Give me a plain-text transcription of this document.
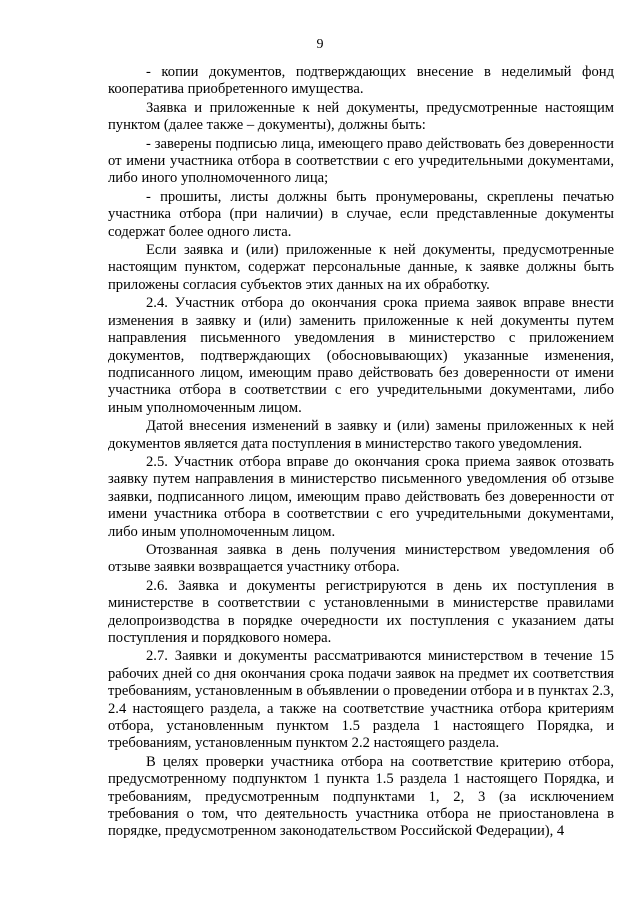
9

- копии документов, подтверждающих внесение в неделимый фонд кооператива приобретенного имущества.

Заявка и приложенные к ней документы, предусмотренные настоящим пунктом (далее также – документы), должны быть:

- заверены подписью лица, имеющего право действовать без доверенности от имени участника отбора в соответствии с его учредительными документами, либо иного уполномоченного лица;

- прошиты, листы должны быть пронумерованы, скреплены печатью участника отбора (при наличии) в случае, если представленные документы содержат более одного листа.

Если заявка и (или) приложенные к ней документы, предусмотренные настоящим пунктом, содержат персональные данные, к заявке должны быть приложены согласия субъектов этих данных на их обработку.

2.4. Участник отбора до окончания срока приема заявок вправе внести изменения в заявку и (или) заменить приложенные к ней документы путем направления письменного уведомления в министерство с приложением документов, подтверждающих (обосновывающих) указанные изменения, подписанного лицом, имеющим право действовать без доверенности от имени участника отбора в соответствии с его учредительными документами, либо иным уполномоченным лицом.

Датой внесения изменений в заявку и (или) замены приложенных к ней документов является дата поступления в министерство такого уведомления.

2.5. Участник отбора вправе до окончания срока приема заявок отозвать заявку путем направления в министерство письменного уведомления об отзыве заявки, подписанного лицом, имеющим право действовать без доверенности от имени участника отбора в соответствии с его учредительными документами, либо иным уполномоченным лицом.

Отозванная заявка в день получения министерством уведомления об отзыве заявки возвращается участнику отбора.

2.6. Заявка и документы регистрируются в день их поступления в министерстве в соответствии с установленными в министерстве правилами делопроизводства в порядке очередности их поступления с указанием даты поступления и порядкового номера.

2.7. Заявки и документы рассматриваются министерством в течение 15 рабочих дней со дня окончания срока подачи заявок на предмет их соответствия требованиям, установленным в объявлении о проведении отбора и в пунктах 2.3, 2.4 настоящего раздела, а также на соответствие участника отбора критериям отбора, установленным пунктом 1.5 раздела 1 настоящего Порядка, и требованиям, установленным пунктом 2.2 настоящего раздела.

В целях проверки участника отбора на соответствие критерию отбора, предусмотренному подпунктом 1 пункта 1.5 раздела 1 настоящего Порядка, и требованиям, предусмотренным подпунктами 1, 2, 3 (за исключением требования о том, что деятельность участника отбора не приостановлена в порядке, предусмотренном законодательством Российской Федерации), 4
